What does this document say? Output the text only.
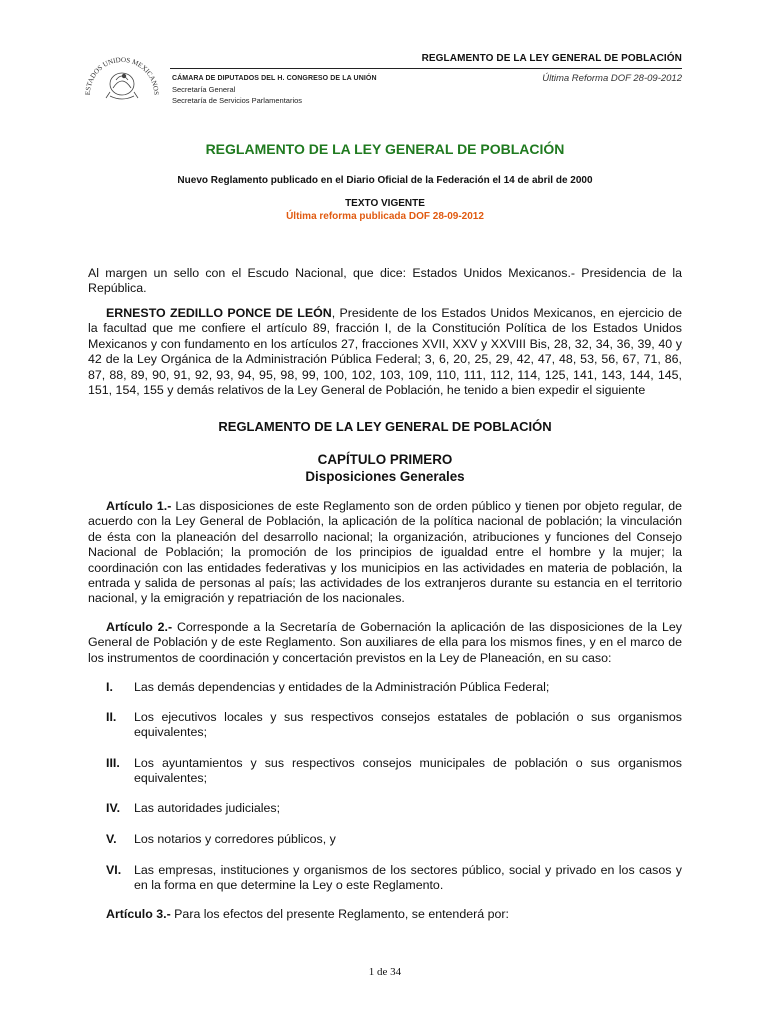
ESTADOS UNIDOS MEXICANOS
REGLAMENTO DE LA LEY GENERAL DE POBLACIÓN
Última Reforma DOF 28-09-2012
CÁMARA DE DIPUTADOS DEL H. CONGRESO DE LA UNIÓN
Secretaría General
Secretaría de Servicios Parlamentarios
REGLAMENTO DE LA LEY GENERAL DE POBLACIÓN
Nuevo Reglamento publicado en el Diario Oficial de la Federación el 14 de abril de 2000
TEXTO VIGENTE
Última reforma publicada DOF 28-09-2012
Al margen un sello con el Escudo Nacional, que dice: Estados Unidos Mexicanos.- Presidencia de la República.
ERNESTO ZEDILLO PONCE DE LEÓN, Presidente de los Estados Unidos Mexicanos, en ejercicio de la facultad que me confiere el artículo 89, fracción I, de la Constitución Política de los Estados Unidos Mexicanos y con fundamento en los artículos 27, fracciones XVII, XXV y XXVIII Bis, 28, 32, 34, 36, 39, 40 y 42 de la Ley Orgánica de la Administración Pública Federal; 3, 6, 20, 25, 29, 42, 47, 48, 53, 56, 67, 71, 86, 87, 88, 89, 90, 91, 92, 93, 94, 95, 98, 99, 100, 102, 103, 109, 110, 111, 112, 114, 125, 141, 143, 144, 145, 151, 154, 155 y demás relativos de la Ley General de Población, he tenido a bien expedir el siguiente
REGLAMENTO DE LA LEY GENERAL DE POBLACIÓN
CAPÍTULO PRIMERO
Disposiciones Generales
Artículo 1.- Las disposiciones de este Reglamento son de orden público y tienen por objeto regular, de acuerdo con la Ley General de Población, la aplicación de la política nacional de población; la vinculación de ésta con la planeación del desarrollo nacional; la organización, atribuciones y funciones del Consejo Nacional de Población; la promoción de los principios de igualdad entre el hombre y la mujer; la coordinación con las entidades federativas y los municipios en las actividades en materia de población, la entrada y salida de personas al país; las actividades de los extranjeros durante su estancia en el territorio nacional, y la emigración y repatriación de los nacionales.
Artículo 2.- Corresponde a la Secretaría de Gobernación la aplicación de las disposiciones de la Ley General de Población y de este Reglamento. Son auxiliares de ella para los mismos fines, y en el marco de los instrumentos de coordinación y concertación previstos en la Ley de Planeación, en su caso:
I. Las demás dependencias y entidades de la Administración Pública Federal;
II. Los ejecutivos locales y sus respectivos consejos estatales de población o sus organismos equivalentes;
III. Los ayuntamientos y sus respectivos consejos municipales de población o sus organismos equivalentes;
IV. Las autoridades judiciales;
V. Los notarios y corredores públicos, y
VI. Las empresas, instituciones y organismos de los sectores público, social y privado en los casos y en la forma en que determine la Ley o este Reglamento.
Artículo 3.- Para los efectos del presente Reglamento, se entenderá por:
1 de 34
